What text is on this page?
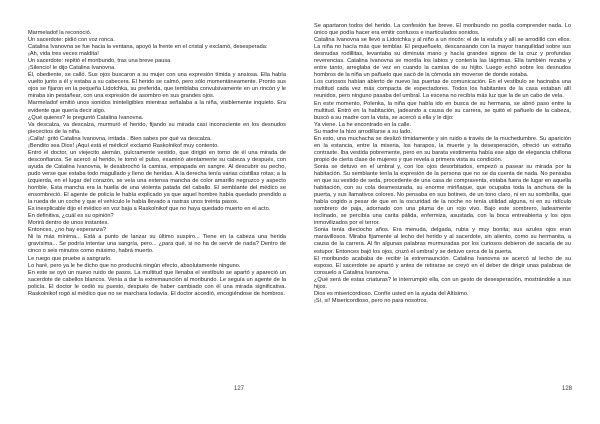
Marmeladof la reconoció.

Un sacerdote: pidió con voz ronca.

Catalina Ivanovna se fue hacia la ventana, apoyó la frente en el cristal y exclamó, desesperada:

¡Ah, vida tres veces maldita!

Un sacerdote: repitió el moribundo, tras una breve pausa.

¡Silencio! le dijo Catalina Ivanovna.

Él, obediente, se calló. Sus ojos buscaron a su mujer con una expresión tímida y ansiosa. Ella había vuelto junto a él y estaba a su cabecera. El herido se calmó, pero sólo momentáneamente. Pronto sus ojos se fijaron en la pequeña Lidotchka, su preferida, que temblaba convulsivamente en un rincón y le miraba sin pestañear, con una expresión de asombro en sus grandes ojos.

Marmeladof emitió unos sonidos ininteligibles mientras señalaba a la niña, visiblemente inquieto. Era evidente que quería decir algo.

¿Qué quieres? le preguntó Catalina Ivanovna.

Va descalza, va descalza, murmuró el herido, fijando su mirada casi inconsciente en los desnudos piececitos de la niña.

¡Calla!: gritó Catalina Ivanovna, irritada . Bien sabes por qué va descalza.

¡Bendito sea Dios! ¡Aquí está el médico! exclamó Raskolnikof muy contento.

Entró el doctor, un viejecito alemán, pulcramente vestido, que dirigió en torno de él una mirada de desconfianza. Se acercó al herido, le tomó el pulso, examinó atentamente su cabeza y después, con ayuda de Catalina Ivanovna, le desabrochó la camisa, empapada en sangre. Al descubrir su pecho, pudo verse que estaba todo magullado y lleno de heridas. A la derecha tenía varias costillas rotas; a la izquierda, en el lugar del corazón, se veía una extensa mancha de color amarillo negruzco y aspecto horrible. Esta mancha era la huella de una violenta patada del caballo. El semblante del médico se ensombreció. El agente de policía le había explicado ya que aquel hombre había quedado prendido a la rueda de un coche y que el vehículo le había llevado a rastras unos treinta pasos.

Es inexplicable dijo el médico en voz baja a Raskolnikof que no haya quedado muerto en el acto.

En definitiva, ¿cuál es su opinión?

Morirá dentro de unos instantes.

Entonces, ¿no hay esperanza?

Ni la más mínima... Está a punto de lanzar su último suspiro... Tiene en la cabeza una herida gravísima... Se podría intentar una sangría, pero... ¿para qué, si no ha de servir de nada? Dentro de cinco o seis minutos como máximo, habrá muerto.

Le ruego que pruebe a sangrarlo.

Lo haré, pero ya le he dicho que no producirá ningún efecto, absolutamente ninguno.

En este se oyó un nuevo ruido de pasos. La multitud que llenaba el vestíbulo se apartó y apareció un sacerdote de cabellos blancos. Venía a dar la extremaunción al moribundo. Le seguía un agente de la policía. El doctor le cedió su puesto, después de haber cambiado con él una mirada significativa. Raskolnikof rogó al médico que no se marchara todavía. El doctor accedió, encogiéndose de hombros.

127

Se apartaron todos del herido. La confesión fue breve. El moribundo no podía comprender nada. Lo único que podía hacer era emitir confusos e inarticulados sonidos.

Catalina Ivanovna se llevó a Lidotchka y al niño a un rincón: el de la estufa y allí se arrodilló con ellos. La niña no hacía más que temblar. El pequeñuelo, descansando con la mayor tranquilidad sobre sus desnudas rodillitas, levantaba su diminuta mano y hacía grandes signos de la cruz y profundas reverencias. Catalina Ivanovna se mordía los labios y contenía las lágrimas. Ella también rezaba y entre tanto, arreglaba de vez en cuando la camisa de su hijito. Luego echó sobre los desnudos hombros de la niña un pañuelo que sacó de la cómoda sin moverse de donde estaba.

Los curiosos habían abierto de nuevo las puertas de comunicación. En el vestíbulo se hacinaba una multitud cada vez más compacta de espectadores. Todos los habitantes de la casa estaban allí reunidos, pero ninguno pasaba del umbral. La escena no recibía más luz que la de un cabo de vela.

En este momento, Polenka, la niña que había ido en busca de su hermana, se abrió paso entre la multitud. Entró en la habitación, jadeando a causa de su carrera, se quitó el pañuelo de la cabeza, buscó a su madre con la vista, se acercó a ella y le dijo:

Ya viene. La he encontrado en la calle.

Su madre la hizo arrodillarse a su lado.

En esto, una muchacha se deslizó tímidamente y sin ruido a través de la muchedumbre. Su aparición en la estancia, entre la miseria, los harapos, la muerte y la desesperación, ofreció un extraño contraste. Iba vestida pobremente, pero en su barata vestimenta había ese algo de elegancia chillona propio de cierta clase de mujeres y que revela a primera vista su condición.

Sonia se detuvo en el umbral y, con los ojos desorbitados, empezó a pasear su mirada por la habitación. Su semblante tenía la expresión de la persona que no se da cuenta de nada. No pensaba en que su vestido de seda, procedente de una casa de compraventa, estaba fuera de lugar en aquella habitación, con su cola desmesurada, su enorme miriñaque, que ocupaba toda la anchura de la puerta, y sus llamativos colores. No pensaba en sus botines, de un tono claro, ni en su sombrilla, que había cogido a pesar de que en la oscuridad de la noche no tenía utilidad alguna, ni en su ridículo sombrero de paja, adornado con una pluma de un rojo vivo. Bajo este sombrero, ladeamente inclinado, se percibía una carita pálida, enfermiza, asustada, con la boca entreabierta y los ojos inmovilizados por el terror.

Sonia tenía dieciocho años. Era menuda, delgada, rubia y muy bonita; sus azules ojos eran maravillosos. Miraba fijamente al lecho del herido y al sacerdote, sin aliento, como su hermanita, a causa de la carrera. Al fin algunas palabras murmuradas por los curiosos debieron de sacarla de su estupor. Entonces bajó los ojos, cruzó el umbral y se detuvo cerca de la puerta.

El moribundo acababa de recibir la extremaunción. Catalina Ivanovna se acercó al lecho de su esposo. El sacerdote se apartó y antes de retirarse se creyó en el deber de dirigir unas palabras de consuelo a Catalina Ivanovna.

¿Qué será de estas criaturas? le interrumpió ella, con un gesto de desesperación, mostrándole a sus hijos.

Dios es misericordioso. Confíe usted en la ayuda del Altísimo.

¡Sí, sí! Misericordioso, pero no para nosotros.

128
